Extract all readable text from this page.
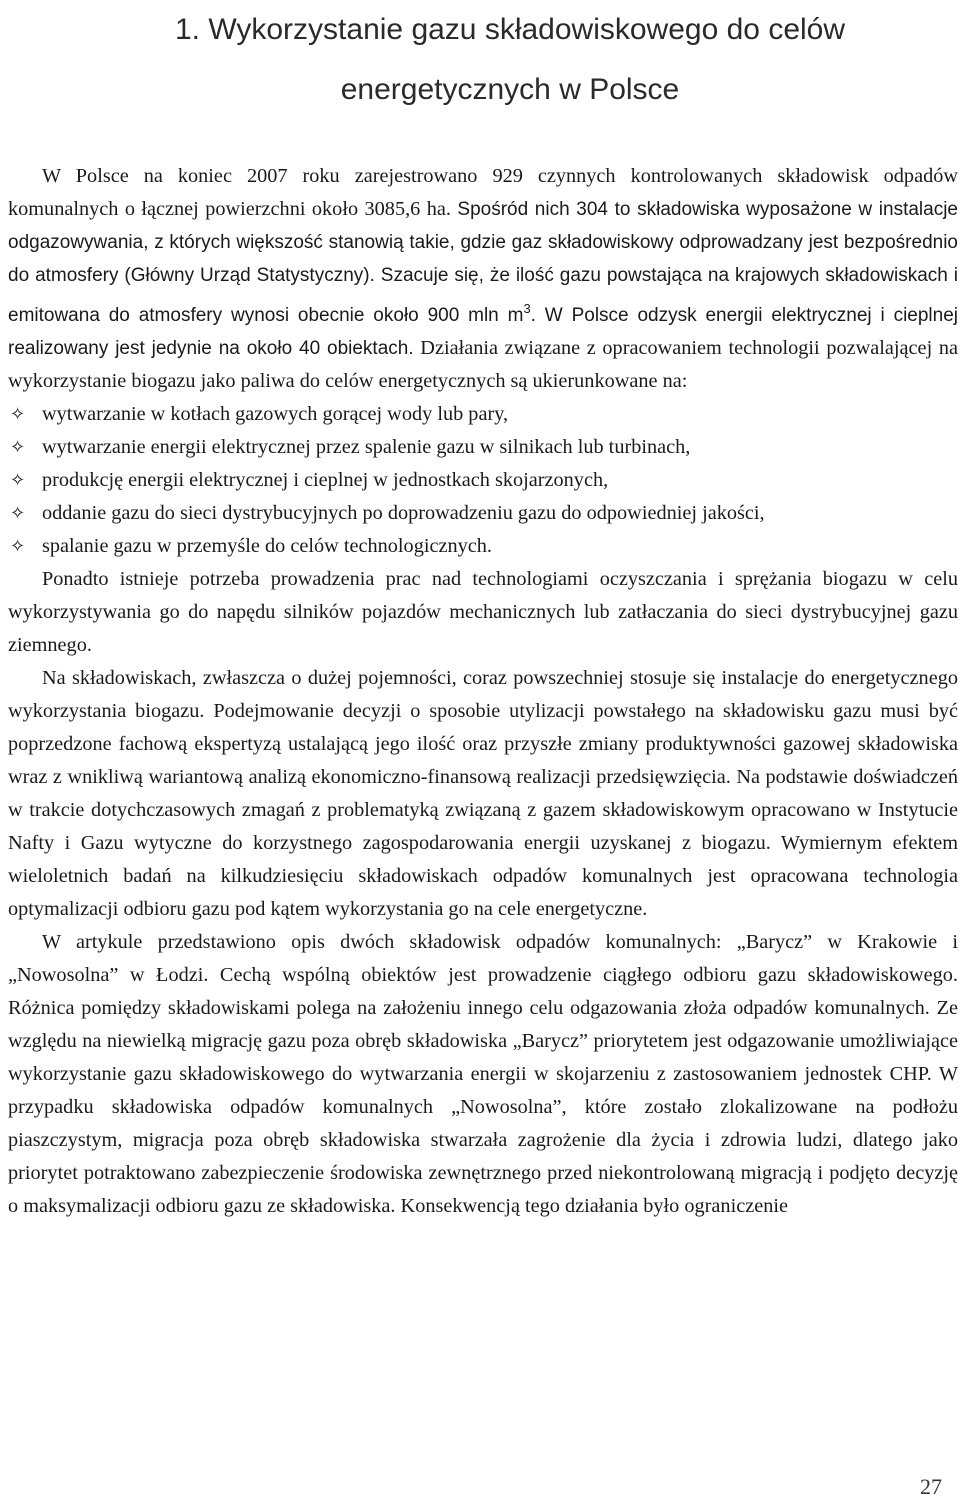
1. Wykorzystanie gazu składowiskowego do celów
energetycznych w Polsce

W Polsce na koniec 2007 roku zarejestrowano 929 czynnych kontrolowanych składowisk odpadów komunalnych o łącznej powierzchni około 3085,6 ha. Spośród nich 304 to składowiska wyposażone w instalacje odgazowywania, z których większość stanowią takie, gdzie gaz składowiskowy odprowadzany jest bezpośrednio do atmosfery (Główny Urząd Statystyczny). Szacuje się, że ilość gazu powstająca na krajowych składowiskach i emitowana do atmosfery wynosi obecnie około 900 mln $m^3$. W Polsce odzysk energii elektrycznej i cieplnej realizowany jest jedynie na około 40 obiektach. Działania związane z opracowaniem technologii pozwalającej na wykorzystanie biogazu jako paliwa do celów energetycznych są ukierunkowane na:

✧ wytwarzanie w kotłach gazowych gorącej wody lub pary,
✧ wytwarzanie energii elektrycznej przez spalenie gazu w silnikach lub turbinach,
✧ produkcję energii elektrycznej i cieplnej w jednostkach skojarzonych,
✧ oddanie gazu do sieci dystrybucyjnych po doprowadzeniu gazu do odpowiedniej jakości,
✧ spalanie gazu w przemyśle do celów technologicznych.

Ponadto istnieje potrzeba prowadzenia prac nad technologiami oczyszczania i sprężania biogazu w celu wykorzystywania go do napędu silników pojazdów mechanicznych lub zatłaczania do sieci dystrybucyjnej gazu ziemnego.

Na składowiskach, zwłaszcza o dużej pojemności, coraz powszechniej stosuje się instalacje do energetycznego wykorzystania biogazu. Podejmowanie decyzji o sposobie utylizacji powstałego na składowisku gazu musi być poprzedzone fachową ekspertyzą ustalającą jego ilość oraz przyszłe zmiany produktywności gazowej składowiska wraz z wnikliwą wariantową analizą ekonomiczno-finansową realizacji przedsięwzięcia. Na podstawie doświadczeń w trakcie dotychczasowych zmagań z problematyką związaną z gazem składowiskowym opracowano w Instytucie Nafty i Gazu wytyczne do korzystnego zagospodarowania energii uzyskanej z biogazu. Wymiernym efektem wieloletnich badań na kilkudziesięciu składowiskach odpadów komunalnych jest opracowana technologia optymalizacji odbioru gazu pod kątem wykorzystania go na cele energetyczne.

W artykule przedstawiono opis dwóch składowisk odpadów komunalnych: „Barycz” w Krakowie i „Nowosolna” w Łodzi. Cechą wspólną obiektów jest prowadzenie ciągłego odbioru gazu składowiskowego. Różnica pomiędzy składowiskami polega na założeniu innego celu odgazowania złoża odpadów komunalnych. Ze względu na niewielką migrację gazu poza obręb składowiska „Barycz” priorytetem jest odgazowanie umożliwiające wykorzystanie gazu składowiskowego do wytwarzania energii w skojarzeniu z zastosowaniem jednostek CHP. W przypadku składowiska odpadów komunalnych „Nowosolna”, które zostało zlokalizowane na podłożu piaszczystym, migracja poza obręb składowiska stwarzała zagrożenie dla życia i zdrowia ludzi, dlatego jako priorytet potraktowano zabezpieczenie środowiska zewnętrznego przed niekontrolowaną migracją i podjęto decyzję o maksymalizacji odbioru gazu ze składowiska. Konsekwencją tego działania było ograniczenie

27
